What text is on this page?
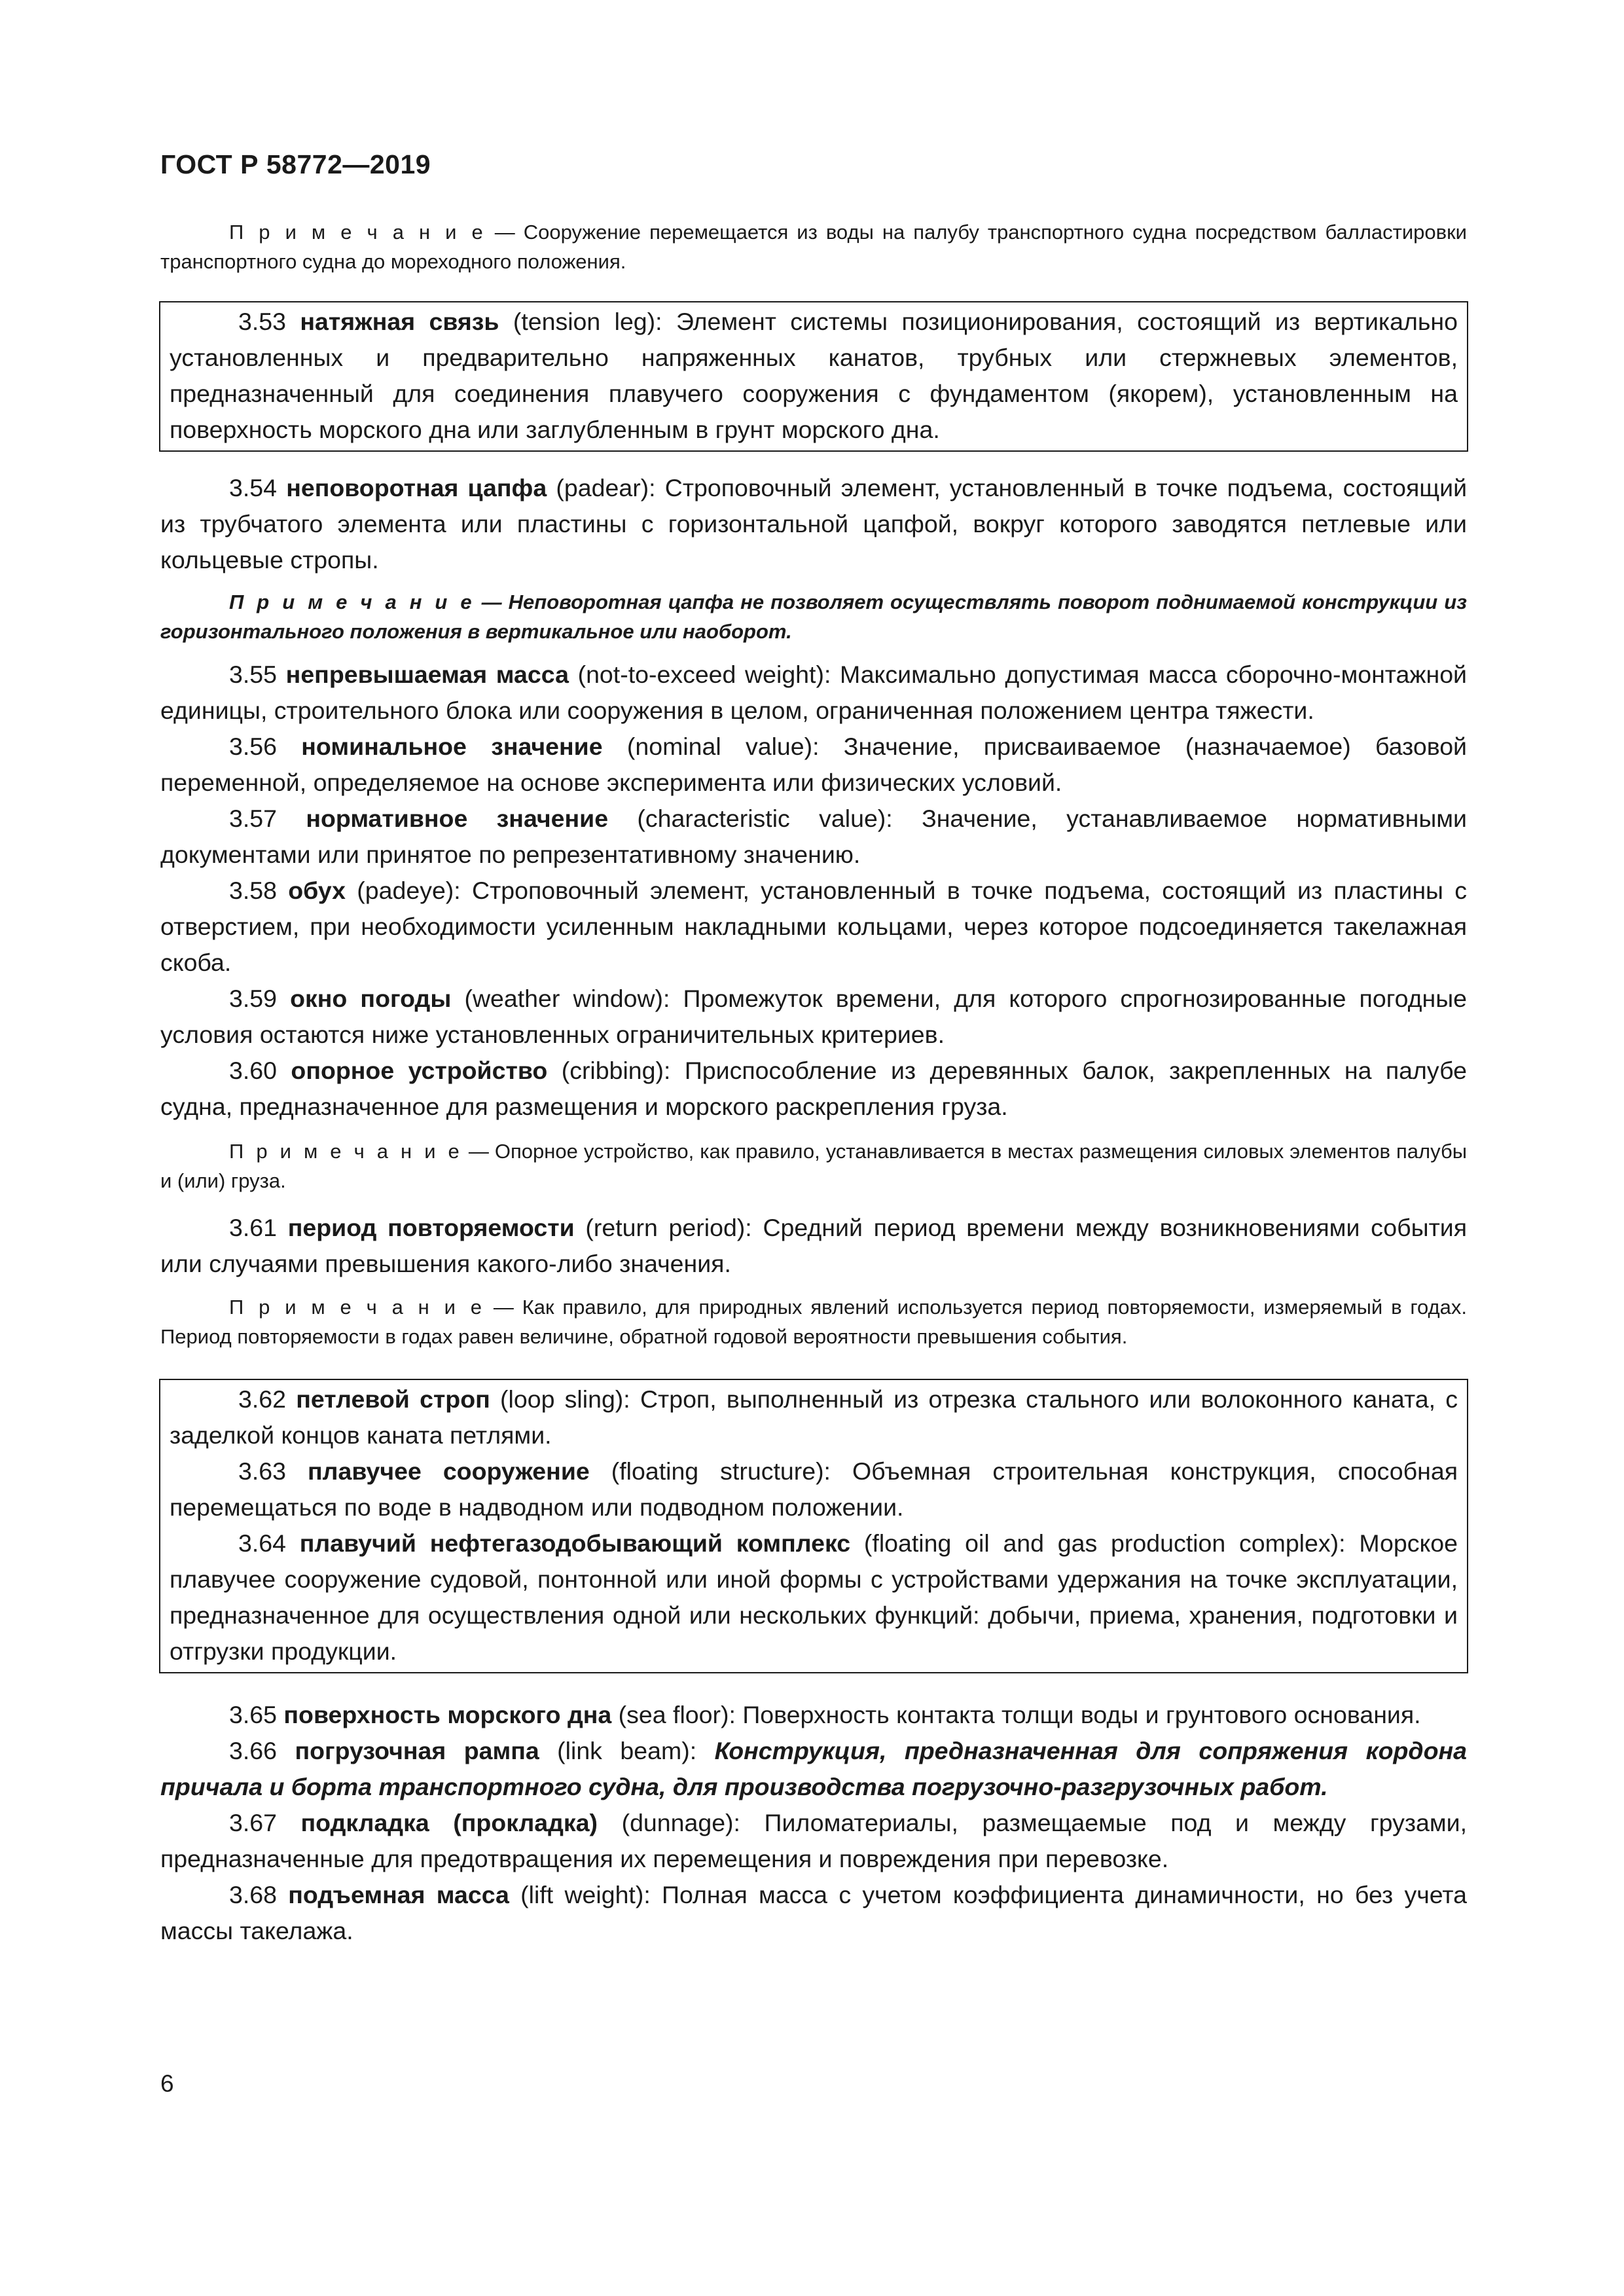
ГОСТ Р 58772—2019

П р и м е ч а н и е — Сооружение перемещается из воды на палубу транспортного судна посредством балластировки транспортного судна до мореходного положения.

3.53 натяжная связь (tension leg): Элемент системы позиционирования, состоящий из вертикально установленных и предварительно напряженных канатов, трубных или стержневых элементов, предназначенный для соединения плавучего сооружения с фундаментом (якорем), установленным на поверхность морского дна или заглубленным в грунт морского дна.

3.54 неповоротная цапфа (padear): Строповочный элемент, установленный в точке подъема, состоящий из трубчатого элемента или пластины с горизонтальной цапфой, вокруг которого заводятся петлевые или кольцевые стропы.

П р и м е ч а н и е — Неповоротная цапфа не позволяет осуществлять поворот поднимаемой конструкции из горизонтального положения в вертикальное или наоборот.

3.55 непревышаемая масса (not-to-exceed weight): Максимально допустимая масса сборочно-монтажной единицы, строительного блока или сооружения в целом, ограниченная положением центра тяжести.

3.56 номинальное значение (nominal value): Значение, присваиваемое (назначаемое) базовой переменной, определяемое на основе эксперимента или физических условий.

3.57 нормативное значение (characteristic value): Значение, устанавливаемое нормативными документами или принятое по репрезентативному значению.

3.58 обух (padeye): Строповочный элемент, установленный в точке подъема, состоящий из пластины с отверстием, при необходимости усиленным накладными кольцами, через которое подсоединяется такелажная скоба.

3.59 окно погоды (weather window): Промежуток времени, для которого спрогнозированные погодные условия остаются ниже установленных ограничительных критериев.

3.60 опорное устройство (cribbing): Приспособление из деревянных балок, закрепленных на палубе судна, предназначенное для размещения и морского раскрепления груза.

П р и м е ч а н и е — Опорное устройство, как правило, устанавливается в местах размещения силовых элементов палубы и (или) груза.

3.61 период повторяемости (return period): Средний период времени между возникновениями события или случаями превышения какого-либо значения.

П р и м е ч а н и е — Как правило, для природных явлений используется период повторяемости, измеряемый в годах. Период повторяемости в годах равен величине, обратной годовой вероятности превышения события.

3.62 петлевой строп (loop sling): Строп, выполненный из отрезка стального или волоконного каната, с заделкой концов каната петлями.

3.63 плавучее сооружение (floating structure): Объемная строительная конструкция, способная перемещаться по воде в надводном или подводном положении.

3.64 плавучий нефтегазодобывающий комплекс (floating oil and gas production complex): Морское плавучее сооружение судовой, понтонной или иной формы с устройствами удержания на точке эксплуатации, предназначенное для осуществления одной или нескольких функций: добычи, приема, хранения, подготовки и отгрузки продукции.

3.65 поверхность морского дна (sea floor): Поверхность контакта толщи воды и грунтового основания.

3.66 погрузочная рампа (link beam): Конструкция, предназначенная для сопряжения кордона причала и борта транспортного судна, для производства погрузочно-разгрузочных работ.

3.67 подкладка (прокладка) (dunnage): Пиломатериалы, размещаемые под и между грузами, предназначенные для предотвращения их перемещения и повреждения при перевозке.

3.68 подъемная масса (lift weight): Полная масса с учетом коэффициента динамичности, но без учета массы такелажа.

6
